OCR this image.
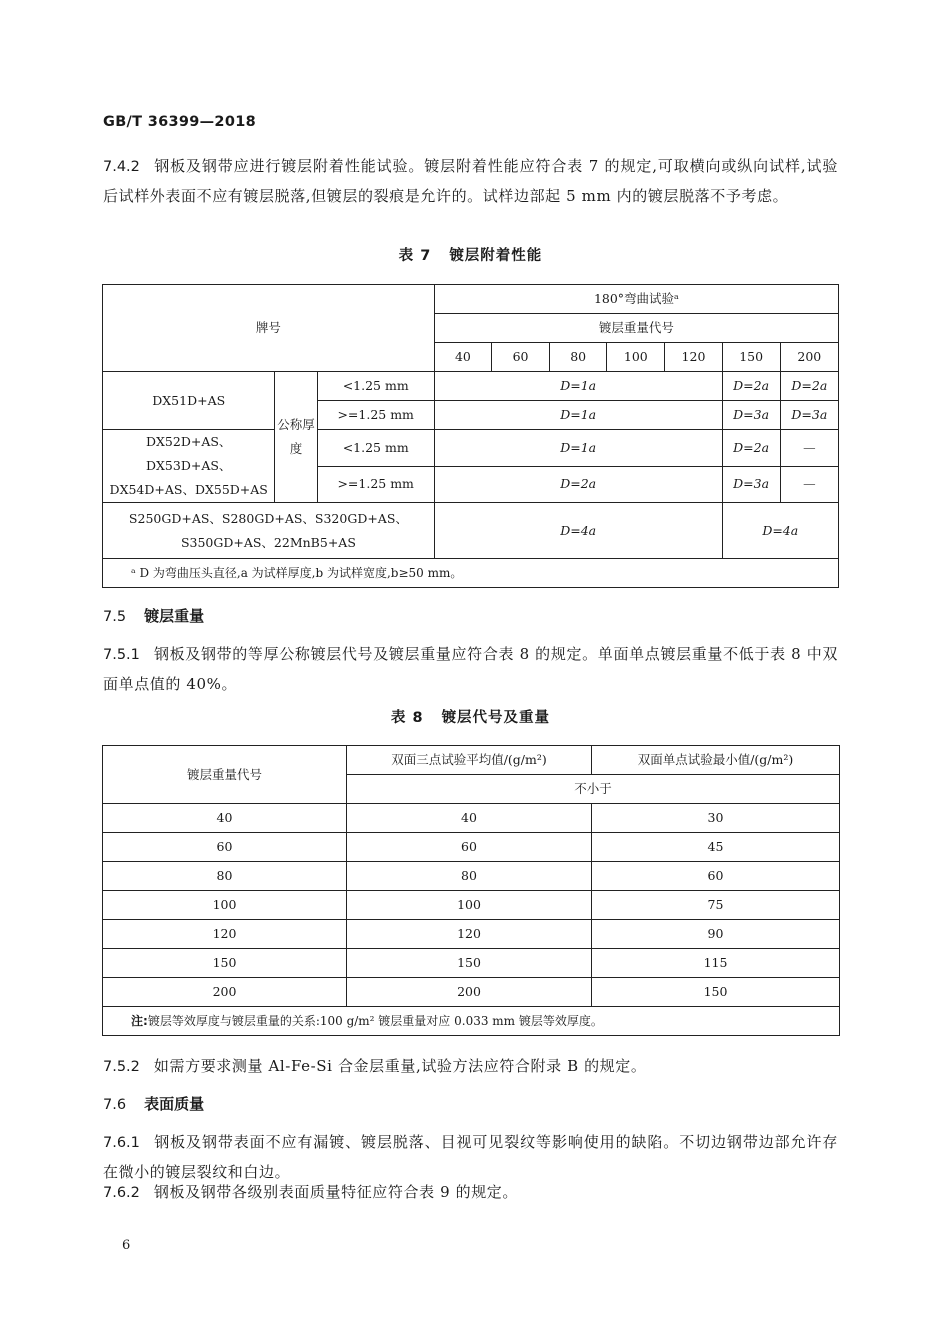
GB/T 36399—2018
7.4.2 钢板及钢带应进行镀层附着性能试验。镀层附着性能应符合表 7 的规定,可取横向或纵向试样,试验后试样外表面不应有镀层脱落,但镀层的裂痕是允许的。试样边部起 5 mm 内的镀层脱落不予考虑。
表 7 镀层附着性能
牌号			180°弯曲试验ᵃ						
			镀层重量代号						
			40	60	80	100	120	150	200
DX51D+AS	公称厚度	<1.25 mm	D=1a					D=2a	D=2a
		>=1.25 mm	D=1a					D=3a	D=3a
DX52D+AS、DX53D+AS、DX54D+AS、DX55D+AS		<1.25 mm	D=1a					D=2a	—
		>=1.25 mm	D=2a					D=3a	—
S250GD+AS、S280GD+AS、S320GD+AS、S350GD+AS、22MnB5+AS			D=4a					D=4a	
ᵃ D 为弯曲压头直径,a 为试样厚度,b 为试样宽度,b≥50 mm。									
7.5 镀层重量
7.5.1 钢板及钢带的等厚公称镀层代号及镀层重量应符合表 8 的规定。单面单点镀层重量不低于表 8 中双面单点值的 40%。
表 8 镀层代号及重量
镀层重量代号	双面三点试验平均值/(g/m²)	双面单点试验最小值/(g/m²)
	不小于	
40	40	30
60	60	45
80	80	60
100	100	75
120	120	90
150	150	115
200	200	150
注:镀层等效厚度与镀层重量的关系:100 g/m² 镀层重量对应 0.033 mm 镀层等效厚度。		
7.5.2 如需方要求测量 Al-Fe-Si 合金层重量,试验方法应符合附录 B 的规定。
7.6 表面质量
7.6.1 钢板及钢带表面不应有漏镀、镀层脱落、目视可见裂纹等影响使用的缺陷。不切边钢带边部允许存在微小的镀层裂纹和白边。
7.6.2 钢板及钢带各级别表面质量特征应符合表 9 的规定。
6
